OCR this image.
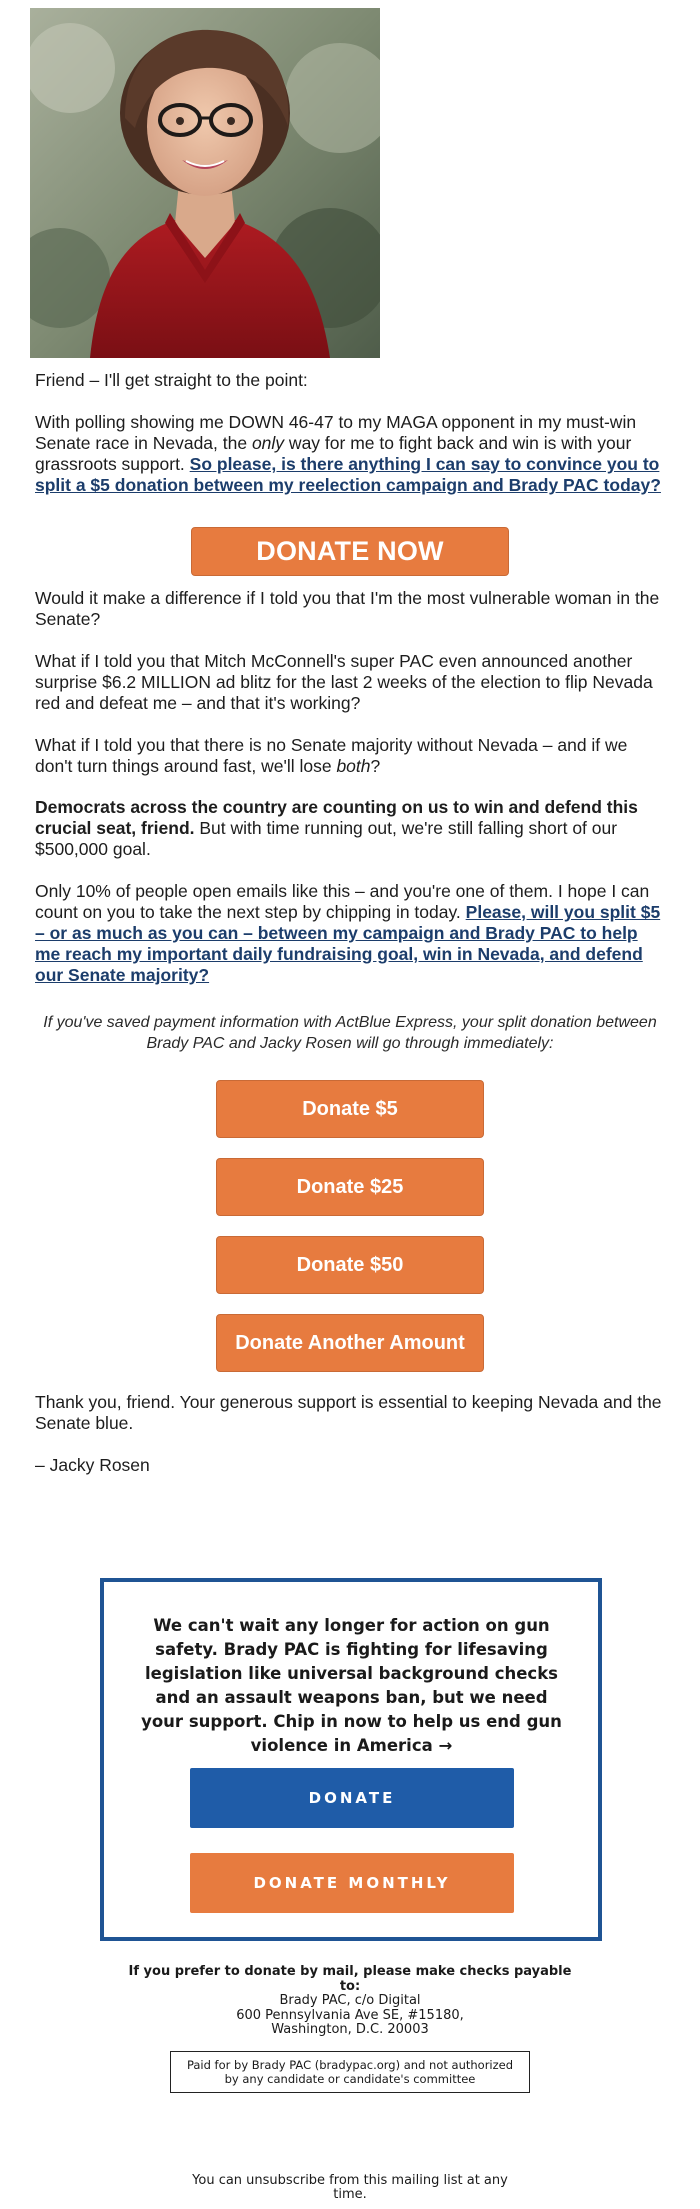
Friend – I'll get straight to the point:
With polling showing me DOWN 46-47 to my MAGA opponent in my must-win Senate race in Nevada, the only way for me to fight back and win is with your grassroots support. So please, is there anything I can say to convince you to split a $5 donation between my reelection campaign and Brady PAC today?
DONATE NOW
Would it make a difference if I told you that I'm the most vulnerable woman in the Senate?
What if I told you that Mitch McConnell's super PAC even announced another surprise $6.2 MILLION ad blitz for the last 2 weeks of the election to flip Nevada red and defeat me – and that it's working?
What if I told you that there is no Senate majority without Nevada – and if we don't turn things around fast, we'll lose both?
Democrats across the country are counting on us to win and defend this crucial seat, friend. But with time running out, we're still falling short of our $500,000 goal.
Only 10% of people open emails like this – and you're one of them. I hope I can count on you to take the next step by chipping in today. Please, will you split $5 – or as much as you can – between my campaign and Brady PAC to help me reach my important daily fundraising goal, win in Nevada, and defend our Senate majority?
If you've saved payment information with ActBlue Express, your split donation between Brady PAC and Jacky Rosen will go through immediately:
Donate $5
Donate $25
Donate $50
Donate Another Amount
Thank you, friend. Your generous support is essential to keeping Nevada and the Senate blue.
– Jacky Rosen
We can't wait any longer for action on gun safety. Brady PAC is fighting for lifesaving legislation like universal background checks and an assault weapons ban, but we need your support. Chip in now to help us end gun violence in America →
DONATE
DONATE MONTHLY
If you prefer to donate by mail, please make checks payable to:
Brady PAC, c/o Digital
600 Pennsylvania Ave SE, #15180,
Washington, D.C. 20003
Paid for by Brady PAC (bradypac.org) and not authorized by any candidate or candidate's committee
You can unsubscribe from this mailing list at any time.
